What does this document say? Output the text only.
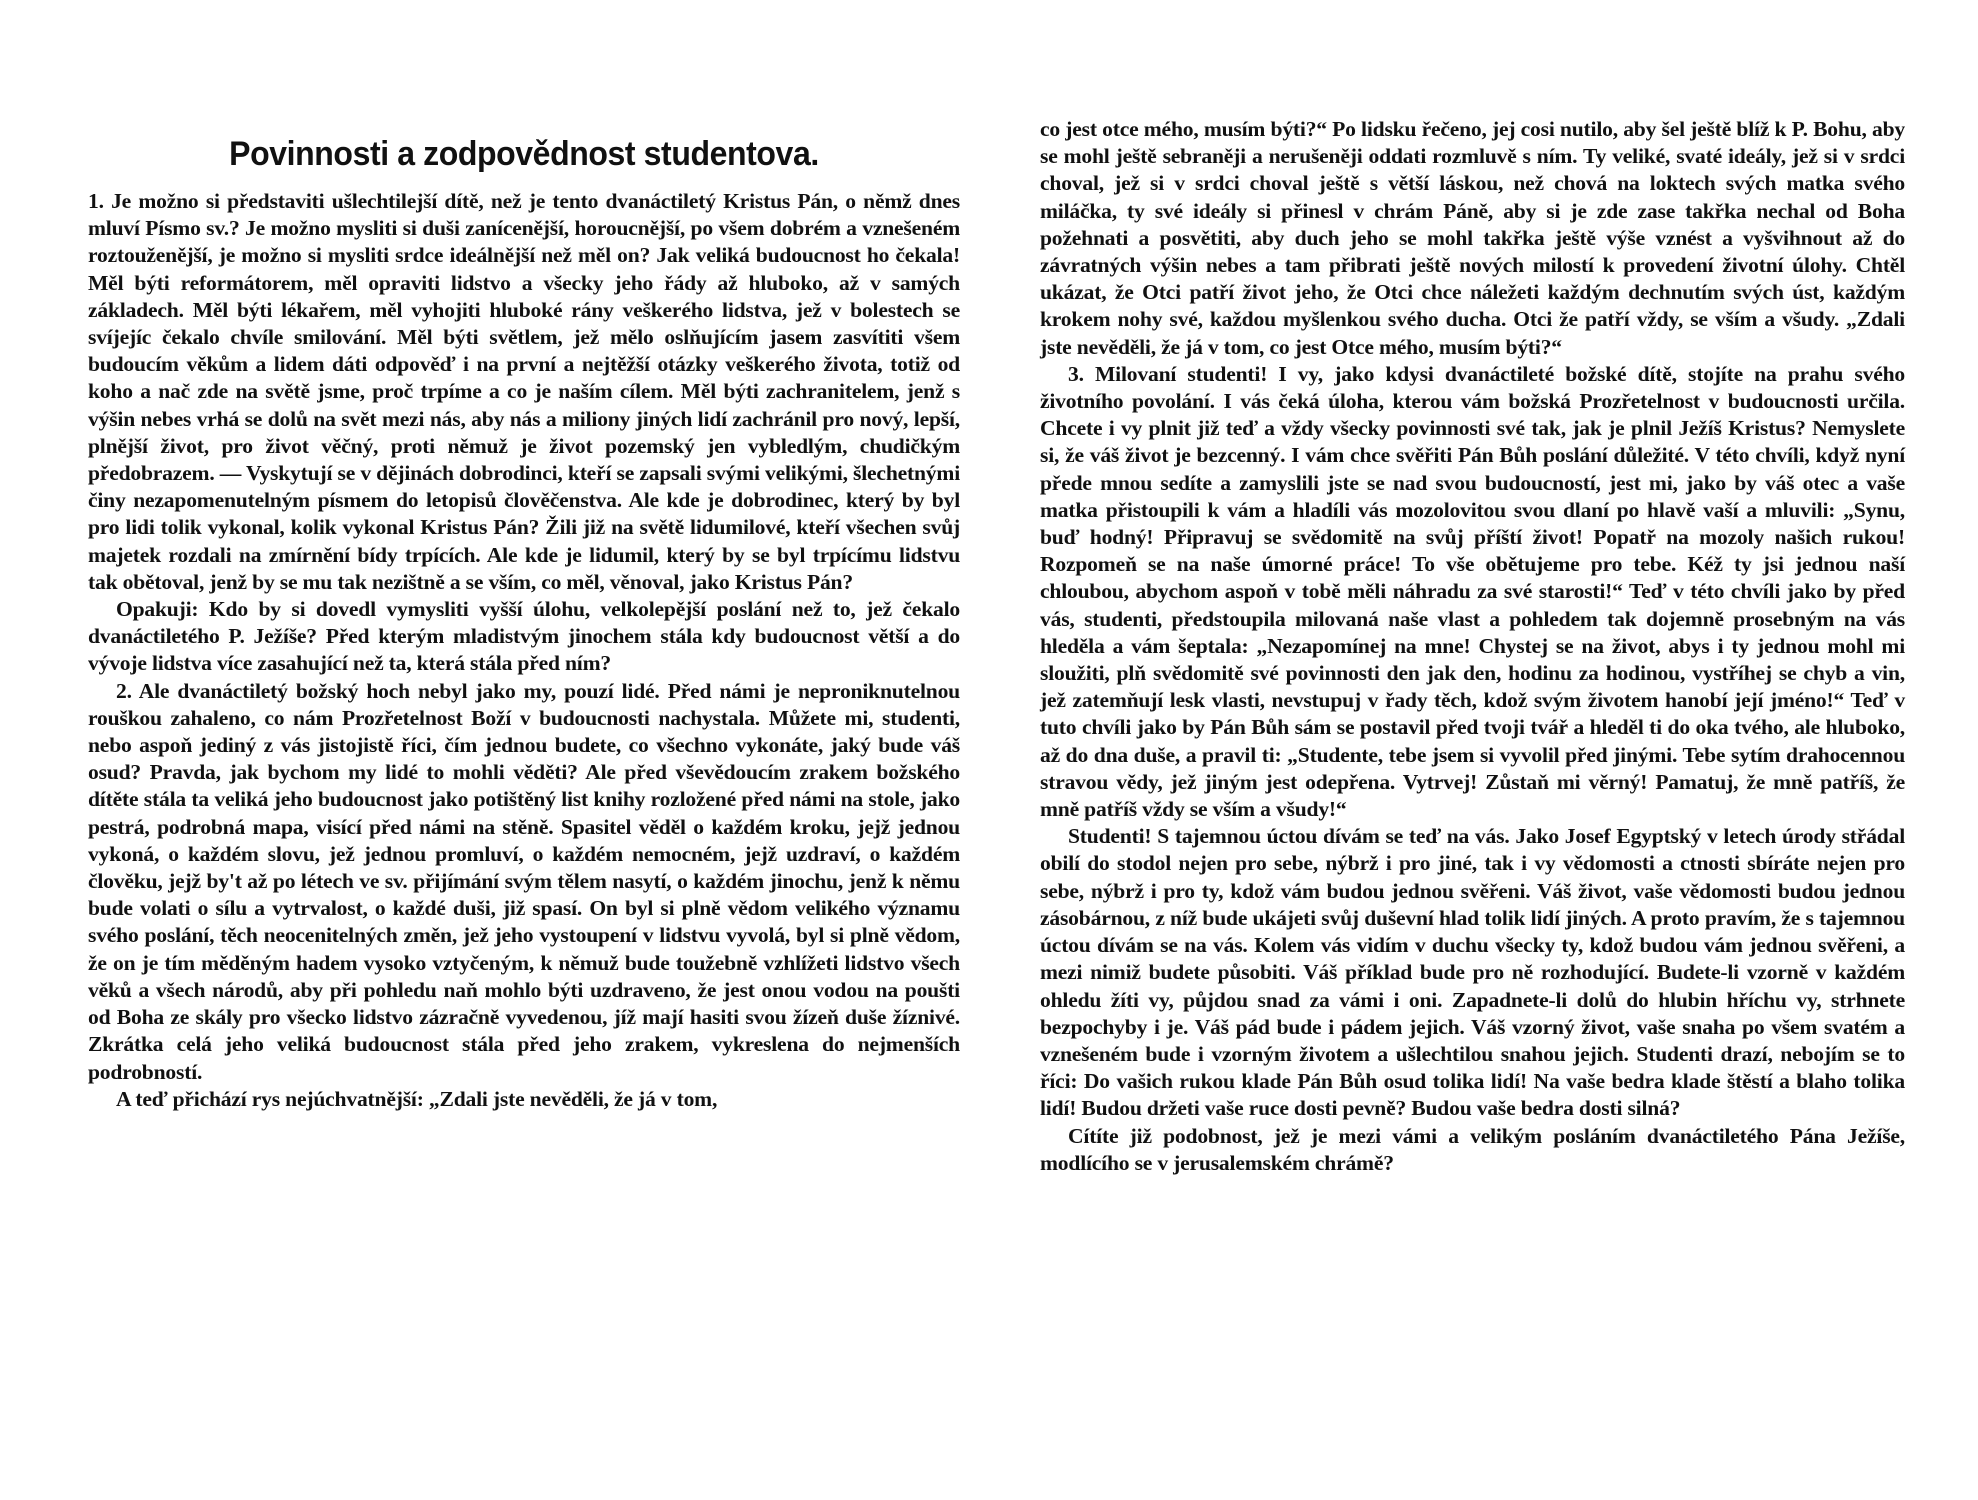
Povinnosti a zodpovědnost studentova.

1. Je možno si představiti ušlechtilejší dítě, než je tento dvanáctiletý Kristus Pán, o němž dnes mluví Písmo sv.? Je možno mysliti si duši zanícenější, horoucnější, po všem dobrém a vznešeném roztouženější, je možno si mysliti srdce ideálnější než měl on? Jak veliká budoucnost ho čekala! Měl býti reformátorem, měl opraviti lidstvo a všecky jeho řády až hluboko, až v samých základech. Měl býti lékařem, měl vyhojiti hluboké rány veškerého lidstva, jež v bolestech se svíjejíc čekalo chvíle smilování. Měl býti světlem, jež mělo oslňujícím jasem zasvítiti všem budoucím věkům a lidem dáti odpověď i na první a nejtěžší otázky veškerého života, totiž od koho a nač zde na světě jsme, proč trpíme a co je naším cílem. Měl býti zachranitelem, jenž s výšin nebes vrhá se dolů na svět mezi nás, aby nás a miliony jiných lidí zachránil pro nový, lepší, plnější život, pro život věčný, proti němuž je život pozemský jen vybledlým, chudičkým předobrazem. — Vyskytují se v dějinách dobrodinci, kteří se zapsali svými velikými, šlechetnými činy nezapomenutelným písmem do letopisů člověčenstva. Ale kde je dobrodinec, který by byl pro lidi tolik vykonal, kolik vykonal Kristus Pán? Žili již na světě lidumilové, kteří všechen svůj majetek rozdali na zmírnění bídy trpících. Ale kde je lidumil, který by se byl trpícímu lidstvu tak obětoval, jenž by se mu tak nezištně a se vším, co měl, věnoval, jako Kristus Pán?

Opakuji: Kdo by si dovedl vymysliti vyšší úlohu, velkolepější poslání než to, jež čekalo dvanáctiletého P. Ježíše? Před kterým mladistvým jinochem stála kdy budoucnost větší a do vývoje lidstva více zasahující než ta, která stála před ním?

2. Ale dvanáctiletý božský hoch nebyl jako my, pouzí lidé. Před námi je neproniknutelnou rouškou zahaleno, co nám Prozřetelnost Boží v budoucnosti nachystala. Můžete mi, studenti, nebo aspoň jediný z vás jistojistě říci, čím jednou budete, co všechno vykonáte, jaký bude váš osud? Pravda, jak bychom my lidé to mohli věděti? Ale před vševědoucím zrakem božského dítěte stála ta veliká jeho budoucnost jako potištěný list knihy rozložené před námi na stole, jako pestrá, podrobná mapa, visící před námi na stěně. Spasitel věděl o každém kroku, jejž jednou vykoná, o každém slovu, jež jednou promluví, o každém nemocném, jejž uzdraví, o každém člověku, jejž by't až po létech ve sv. přijímání svým tělem nasytí, o každém jinochu, jenž k němu bude volati o sílu a vytrvalost, o každé duši, již spasí. On byl si plně vědom velikého významu svého poslání, těch neocenitelných změn, jež jeho vystoupení v lidstvu vyvolá, byl si plně vědom, že on je tím měděným hadem vysoko vztyčeným, k němuž bude toužebně vzhlížeti lidstvo všech věků a všech národů, aby při pohledu naň mohlo býti uzdraveno, že jest onou vodou na poušti od Boha ze skály pro všecko lidstvo zázračně vyvedenou, jíž mají hasiti svou žízeň duše žíznivé. Zkrátka celá jeho veliká budoucnost stála před jeho zrakem, vykreslena do nejmenších podrobností.

A teď přichází rys nejúchvatnější: „Zdali jste nevěděli, že já v tom,

co jest otce mého, musím býti?“ Po lidsku řečeno, jej cosi nutilo, aby šel ještě blíž k P. Bohu, aby se mohl ještě sebraněji a nerušeněji oddati rozmluvě s ním. Ty veliké, svaté ideály, jež si v srdci choval, jež si v srdci choval ještě s větší láskou, než chová na loktech svých matka svého miláčka, ty své ideály si přinesl v chrám Páně, aby si je zde zase takřka nechal od Boha požehnati a posvětiti, aby duch jeho se mohl takřka ještě výše vznést a vyšvihnout až do závratných výšin nebes a tam přibrati ještě nových milostí k provedení životní úlohy. Chtěl ukázat, že Otci patří život jeho, že Otci chce náležeti každým dechnutím svých úst, každým krokem nohy své, každou myšlenkou svého ducha. Otci že patří vždy, se vším a všudy. „Zdali jste nevěděli, že já v tom, co jest Otce mého, musím býti?“

3. Milovaní studenti! I vy, jako kdysi dvanáctileté božské dítě, stojíte na prahu svého životního povolání. I vás čeká úloha, kterou vám božská Prozřetelnost v budoucnosti určila. Chcete i vy plnit již teď a vždy všecky povinnosti své tak, jak je plnil Ježíš Kristus? Nemyslete si, že váš život je bezcenný. I vám chce svěřiti Pán Bůh poslání důležité. V této chvíli, když nyní přede mnou sedíte a zamyslili jste se nad svou budoucností, jest mi, jako by váš otec a vaše matka přistoupili k vám a hladíli vás mozolovitou svou dlaní po hlavě vaší a mluvili: „Synu, buď hodný! Připravuj se svědomitě na svůj příští život! Popatř na mozoly našich rukou! Rozpomeň se na naše úmorné práce! To vše obětujeme pro tebe. Kéž ty jsi jednou naší chloubou, abychom aspoň v tobě měli náhradu za své starosti!“ Teď v této chvíli jako by před vás, studenti, předstoupila milovaná naše vlast a pohledem tak dojemně prosebným na vás hleděla a vám šeptala: „Nezapomínej na mne! Chystej se na život, abys i ty jednou mohl mi sloužiti, plň svědomitě své povinnosti den jak den, hodinu za hodinou, vystříhej se chyb a vin, jež zatemňují lesk vlasti, nevstupuj v řady těch, kdož svým životem hanobí její jméno!“ Teď v tuto chvíli jako by Pán Bůh sám se postavil před tvoji tvář a hleděl ti do oka tvého, ale hluboko, až do dna duše, a pravil ti: „Studente, tebe jsem si vyvolil před jinými. Tebe sytím drahocennou stravou vědy, jež jiným jest odepřena. Vytrvej! Zůstaň mi věrný! Pamatuj, že mně patříš, že mně patříš vždy se vším a všudy!“

Studenti! S tajemnou úctou dívám se teď na vás. Jako Josef Egyptský v letech úrody střádal obilí do stodol nejen pro sebe, nýbrž i pro jiné, tak i vy vědomosti a ctnosti sbíráte nejen pro sebe, nýbrž i pro ty, kdož vám budou jednou svěřeni. Váš život, vaše vědomosti budou jednou zásobárnou, z níž bude ukájeti svůj duševní hlad tolik lidí jiných. A proto pravím, že s tajemnou úctou dívám se na vás. Kolem vás vidím v duchu všecky ty, kdož budou vám jednou svěřeni, a mezi nimiž budete působiti. Váš příklad bude pro ně rozhodující. Budete-li vzorně v každém ohledu žíti vy, půjdou snad za vámi i oni. Zapadnete-li dolů do hlubin hříchu vy, strhnete bezpochyby i je. Váš pád bude i pádem jejich. Váš vzorný život, vaše snaha po všem svatém a vznešeném bude i vzorným životem a ušlechtilou snahou jejich. Studenti drazí, nebojím se to říci: Do vašich rukou klade Pán Bůh osud tolika lidí! Na vaše bedra klade štěstí a blaho tolika lidí! Budou držeti vaše ruce dosti pevně? Budou vaše bedra dosti silná?

Cítíte již podobnost, jež je mezi vámi a velikým posláním dvanáctiletého Pána Ježíše, modlícího se v jerusalemském chrámě?
